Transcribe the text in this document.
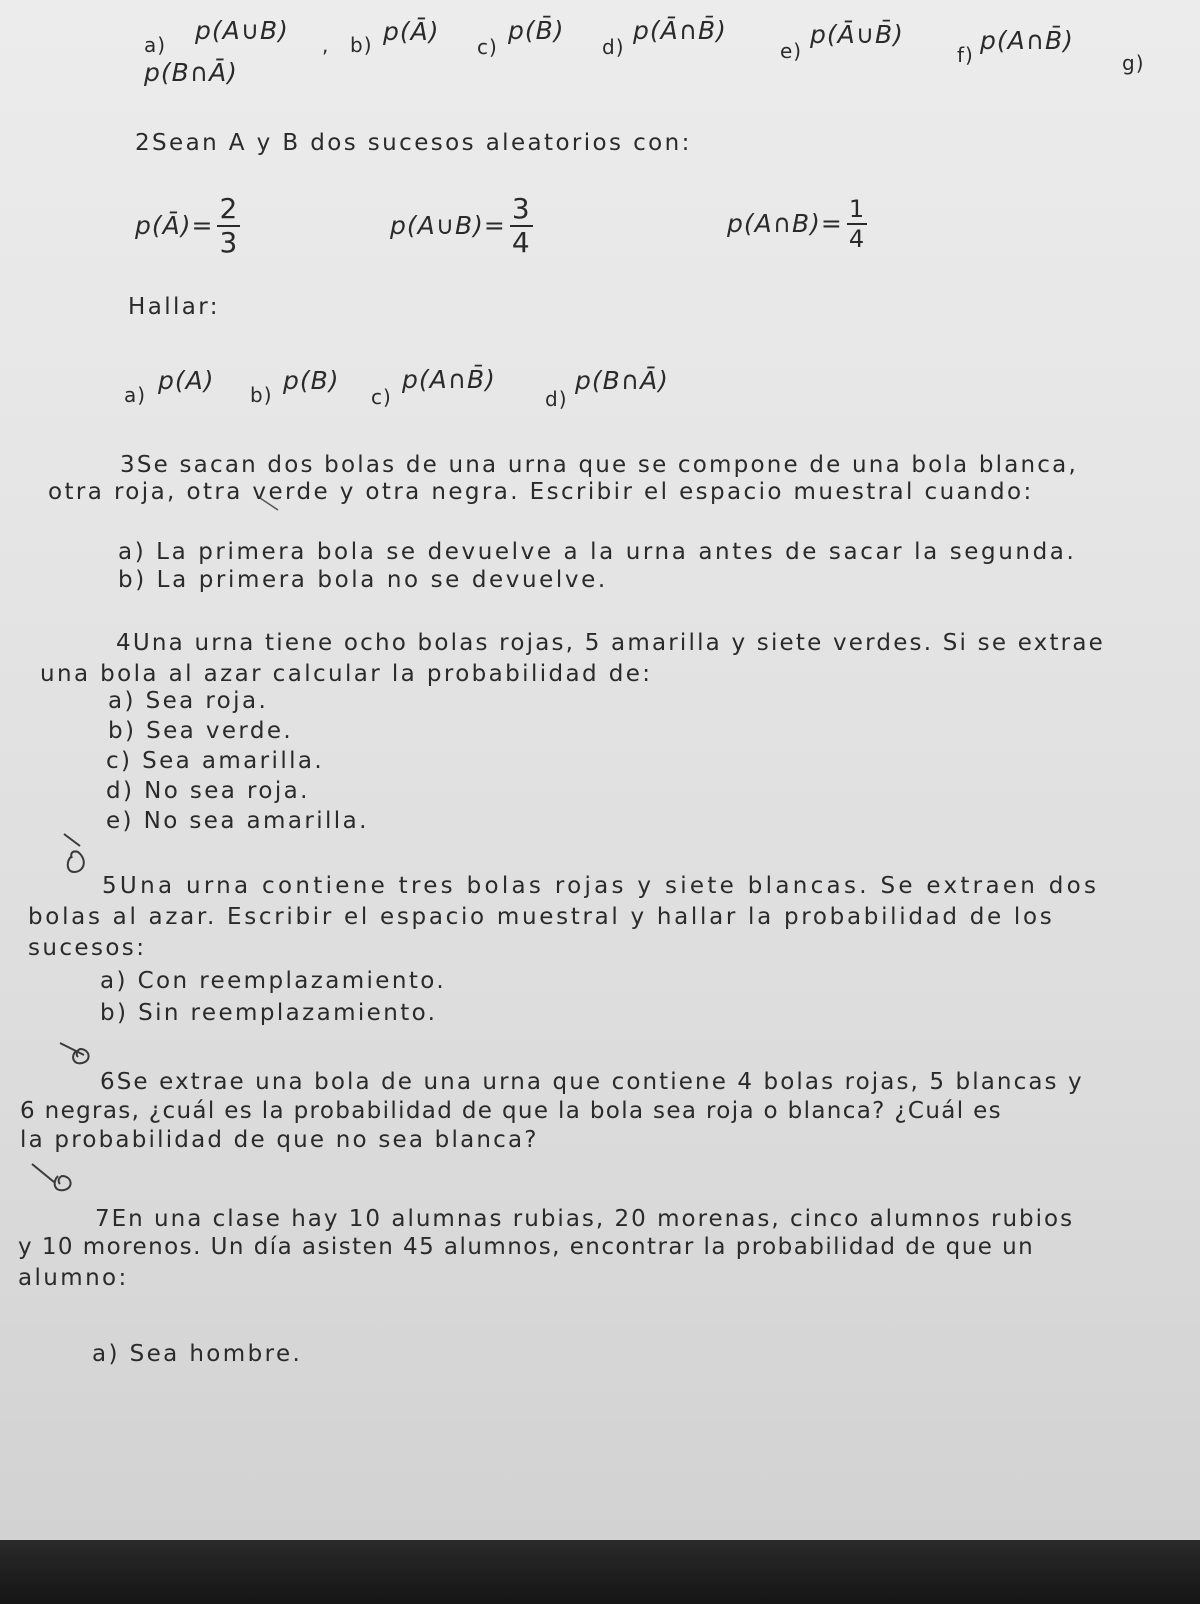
a) p(A∪B) , b) p(Ā)
c)
p(B̄)
d)
p(Ā∩B̄)
e)
p(Ā∪B̄)
f) p(A∩B̄)
g)
p(B∩Ā)
2Sean A y B dos sucesos aleatorios con:
p(Ā)= $\frac{2}{3}$	p(A∪B)= $\frac{3}{4}$	p(A∩B)= $\frac{1}{4}$
Hallar:
a) p(A) b) p(B)
c)
p(A∩B̄)
d)
p(B∩Ā)
3Se sacan dos bolas de una urna que se compone de una bola blanca,
otra roja, otra verde y otra negra. Escribir el espacio muestral cuando:
a) La primera bola se devuelve a la urna antes de sacar la segunda.
b) La primera bola no se devuelve.
4Una urna tiene ocho bolas rojas, 5 amarilla y siete verdes. Si se extrae
una bola al azar calcular la probabilidad de:
a) Sea roja.
b) Sea verde.
c) Sea amarilla.
d) No sea roja.
e) No sea amarilla.
5Una urna contiene tres bolas rojas y siete blancas. Se extraen dos
bolas al azar. Escribir el espacio muestral y hallar la probabilidad de los
sucesos:
a) Con reemplazamiento.
b) Sin reemplazamiento.
6Se extrae una bola de una urna que contiene 4 bolas rojas, 5 blancas y
6 negras, ¿cuál es la probabilidad de que la bola sea roja o blanca? ¿Cuál es
la probabilidad de que no sea blanca?
7En una clase hay 10 alumnas rubias, 20 morenas, cinco alumnos rubios
y 10 morenos. Un día asisten 45 alumnos, encontrar la probabilidad de que un
alumno:
a) Sea hombre.
